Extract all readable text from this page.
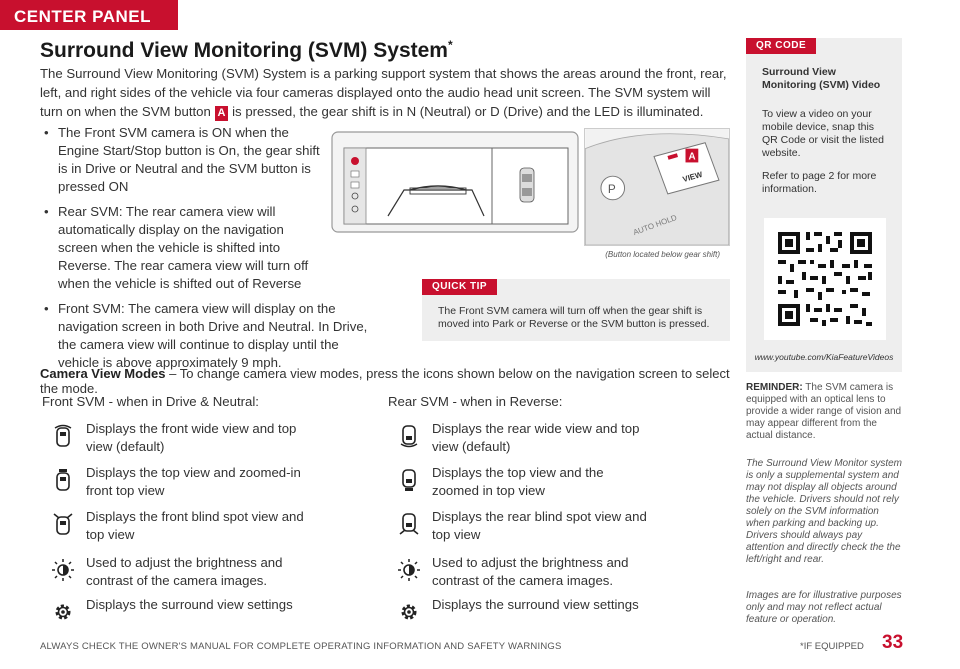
CENTER PANEL
Surround View Monitoring (SVM) System*
The Surround View Monitoring (SVM) System is a parking support system that shows the areas around the front, rear, left, and right sides of the vehicle via four cameras displayed onto the audio head unit screen. The SVM system will turn on when the SVM button A is pressed, the gear shift is in N (Neutral) or D (Drive) and the LED is illuminated.
• The Front SVM camera is ON when the Engine Start/Stop button is On, the gear shift is in Drive or Neutral and the SVM button is pressed ON
• Rear SVM: The rear camera view will automatically display on the navigation screen when the vehicle is shifted into Reverse. The rear camera view will turn off when the vehicle is shifted out of Reverse
• Front SVM: The camera view will display on the navigation screen in both Drive and Neutral. In Drive, the camera view will continue to display until the vehicle is above approximately 9 mph.
VIEW
P
AUTO HOLD
A
(Button located below gear shift)
QUICK TIP
The Front SVM camera will turn off when the gear shift is moved into Park or Reverse or the SVM button is pressed.
Camera View Modes – To change camera view modes, press the icons shown below on the navigation screen to select the mode.
Front SVM - when in Drive & Neutral:	Rear SVM - when in Reverse:
Displays the front wide view and top view (default)
Displays the top view and zoomed-in front top view
Displays the front blind spot view and top view
Used to adjust the brightness and contrast of the camera images.
Displays the surround view settings
Displays the rear wide view and top view (default)
Displays the top view and the zoomed in top view
Displays the rear blind spot view and top view
Used to adjust the brightness and contrast of the camera images.
Displays the surround view settings
QR CODE
Surround View Monitoring (SVM) Video
To view a video on your mobile device, snap this QR Code or visit the listed website.
Refer to page 2 for more information.
www.youtube.com/KiaFeatureVideos
REMINDER: The SVM camera is equipped with an optical lens to provide a wider range of vision and may appear different from the actual distance.
The Surround View Monitor system is only a supplemental system and may not display all objects around the vehicle. Drivers should not rely solely on the SVM information when parking and backing up. Drivers should always pay attention and directly check the the left/right and rear.
Images are for illustrative purposes only and may not reflect actual feature or operation.
ALWAYS CHECK THE OWNER'S MANUAL FOR COMPLETE OPERATING INFORMATION AND SAFETY WARNINGS	*IF EQUIPPED 33
